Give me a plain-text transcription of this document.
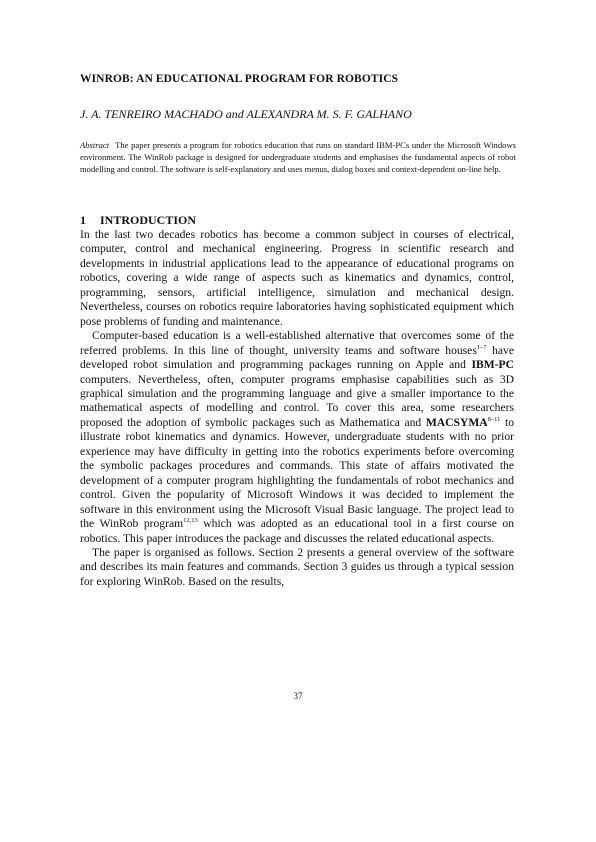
WINROB: AN EDUCATIONAL PROGRAM FOR ROBOTICS

J. A. TENREIRO MACHADO and ALEXANDRA M. S. F. GALHANO

Abstract The paper presents a program for robotics education that runs on standard IBM-PCs under the Microsoft Windows environment. The WinRob package is designed for undergraduate students and emphasises the fundamental aspects of robot modelling and control. The software is self-explanatory and uses menus, dialog boxes and context-dependent on-line help.

1 INTRODUCTION

In the last two decades robotics has become a common subject in courses of electrical, computer, control and mechanical engineering. Progress in scientific research and developments in industrial applications lead to the appearance of educational programs on robotics, covering a wide range of aspects such as kinematics and dynamics, control, programming, sensors, artificial intelligence, simulation and mechanical design. Nevertheless, courses on robotics require laboratories having sophisticated equipment which pose problems of funding and maintenance.

Computer-based education is a well-established alternative that overcomes some of the referred problems. In this line of thought, university teams and software houses$^{1-7}$ have developed robot simulation and programming packages running on Apple and IBM-PC computers. Nevertheless, often, computer programs emphasise capabilities such as 3D graphical simulation and the programming language and give a smaller importance to the mathematical aspects of modelling and control. To cover this area, some researchers proposed the adoption of symbolic packages such as Mathematica and MACSYMA$^{8-11}$ to illustrate robot kinematics and dynamics. However, undergraduate students with no prior experience may have difficulty in getting into the robotics experiments before overcoming the symbolic packages procedures and commands. This state of affairs motivated the development of a computer program highlighting the fundamentals of robot mechanics and control. Given the popularity of Microsoft Windows it was decided to implement the software in this environment using the Microsoft Visual Basic language. The project lead to the WinRob program$^{12,13}$ which was adopted as an educational tool in a first course on robotics. This paper introduces the package and discusses the related educational aspects.

The paper is organised as follows. Section 2 presents a general overview of the software and describes its main features and commands. Section 3 guides us through a typical session for exploring WinRob. Based on the results,

37
